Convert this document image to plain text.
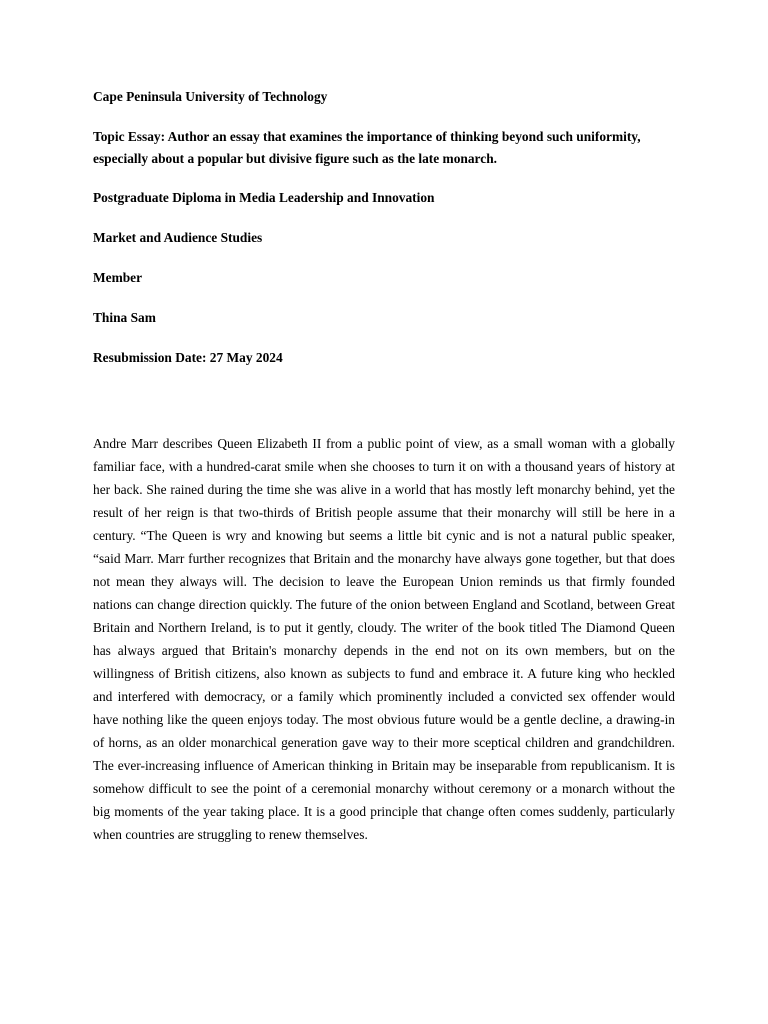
Cape Peninsula University of Technology

Topic Essay: Author an essay that examines the importance of thinking beyond such uniformity, especially about a popular but divisive figure such as the late monarch.

Postgraduate Diploma in Media Leadership and Innovation

Market and Audience Studies

Member

Thina Sam

Resubmission Date: 27 May 2024

Andre Marr describes Queen Elizabeth II from a public point of view, as a small woman with a globally familiar face, with a hundred-carat smile when she chooses to turn it on with a thousand years of history at her back. She rained during the time she was alive in a world that has mostly left monarchy behind, yet the result of her reign is that two-thirds of British people assume that their monarchy will still be here in a century. “The Queen is wry and knowing but seems a little bit cynic and is not a natural public speaker, “said Marr. Marr further recognizes that Britain and the monarchy have always gone together, but that does not mean they always will. The decision to leave the European Union reminds us that firmly founded nations can change direction quickly. The future of the onion between England and Scotland, between Great Britain and Northern Ireland, is to put it gently, cloudy. The writer of the book titled The Diamond Queen has always argued that Britain's monarchy depends in the end not on its own members, but on the willingness of British citizens, also known as subjects to fund and embrace it. A future king who heckled and interfered with democracy, or a family which prominently included a convicted sex offender would have nothing like the queen enjoys today. The most obvious future would be a gentle decline, a drawing-in of horns, as an older monarchical generation gave way to their more sceptical children and grandchildren. The ever-increasing influence of American thinking in Britain may be inseparable from republicanism. It is somehow difficult to see the point of a ceremonial monarchy without ceremony or a monarch without the big moments of the year taking place. It is a good principle that change often comes suddenly, particularly when countries are struggling to renew themselves.
